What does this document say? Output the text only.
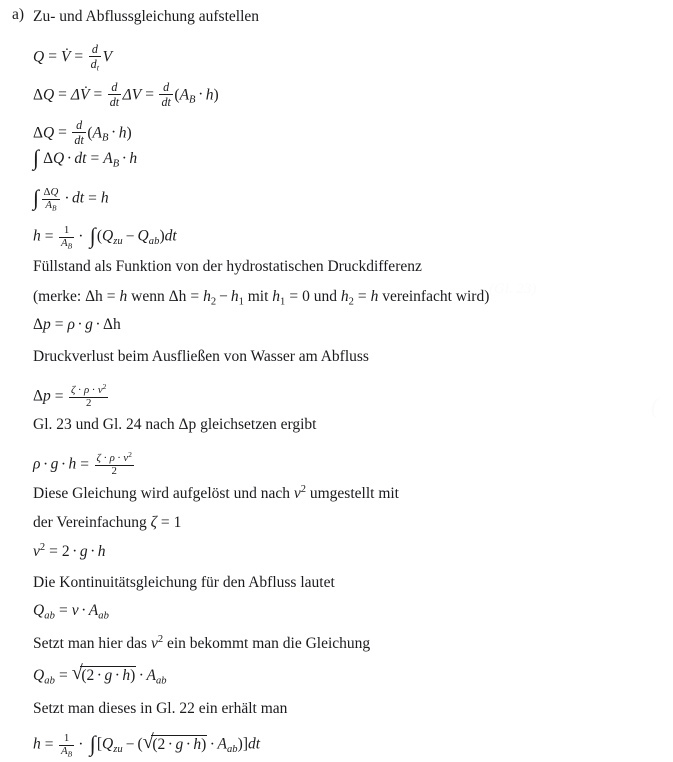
(Gl. 23)
(
a) Zu- und Abflussgleichung aufstellen
Q = V̇ = $\frac{d}{d_t}$ V
ΔQ = ΔV̇ = $\frac{d}{dt}$ $\Delta V = \frac{d}{dt} (A_B \cdot h)$
$\Delta Q = \frac{d}{dt} (A_B \cdot h)$
∫ ΔQ · dt = $A_B \cdot h$
∫ $\frac{\Delta Q}{A_B}$ · dt = h
$h = \frac{1}{A_B} \cdot \int(Q_{zu} - Q_{ab})dt$
Füllstand als Funktion von der hydrostatischen Druckdifferenz
(merke: Δh = h wenn $\Delta h = h_2 - h_1$ mit $h_1 = 0$ und $h_2 = h$ vereinfacht wird)
Δp = ρ · g · Δh
Druckverlust beim Ausfließen von Wasser am Abfluss
$\Delta p = \frac{\zeta \cdot \rho \cdot v^2}{2}$
Gl. 23 und Gl. 24 nach Δp gleichsetzen ergibt
$\rho \cdot g \cdot h = \frac{\zeta \cdot \rho \cdot v^2}{2}$
Diese Gleichung wird aufgelöst und nach $v^2$ umgestellt mit
der Vereinfachung ζ = 1
$v^2 = 2 \cdot g \cdot h$
Die Kontinuitätsgleichung für den Abfluss lautet
$Q_{ab} = v \cdot A_{ab}$
Setzt man hier das $v^2$ ein bekommt man die Gleichung
$Q_{ab}$ = √
$(2 \cdot g \cdot h) \cdot A_{ab}$
Setzt man dieses in Gl. 22 ein erhält man
$h = \frac{1}{A_B} \cdot \int[Q_{zu}$ − ( √
$(2 \cdot g \cdot h) \cdot A_{ab})]dt$
